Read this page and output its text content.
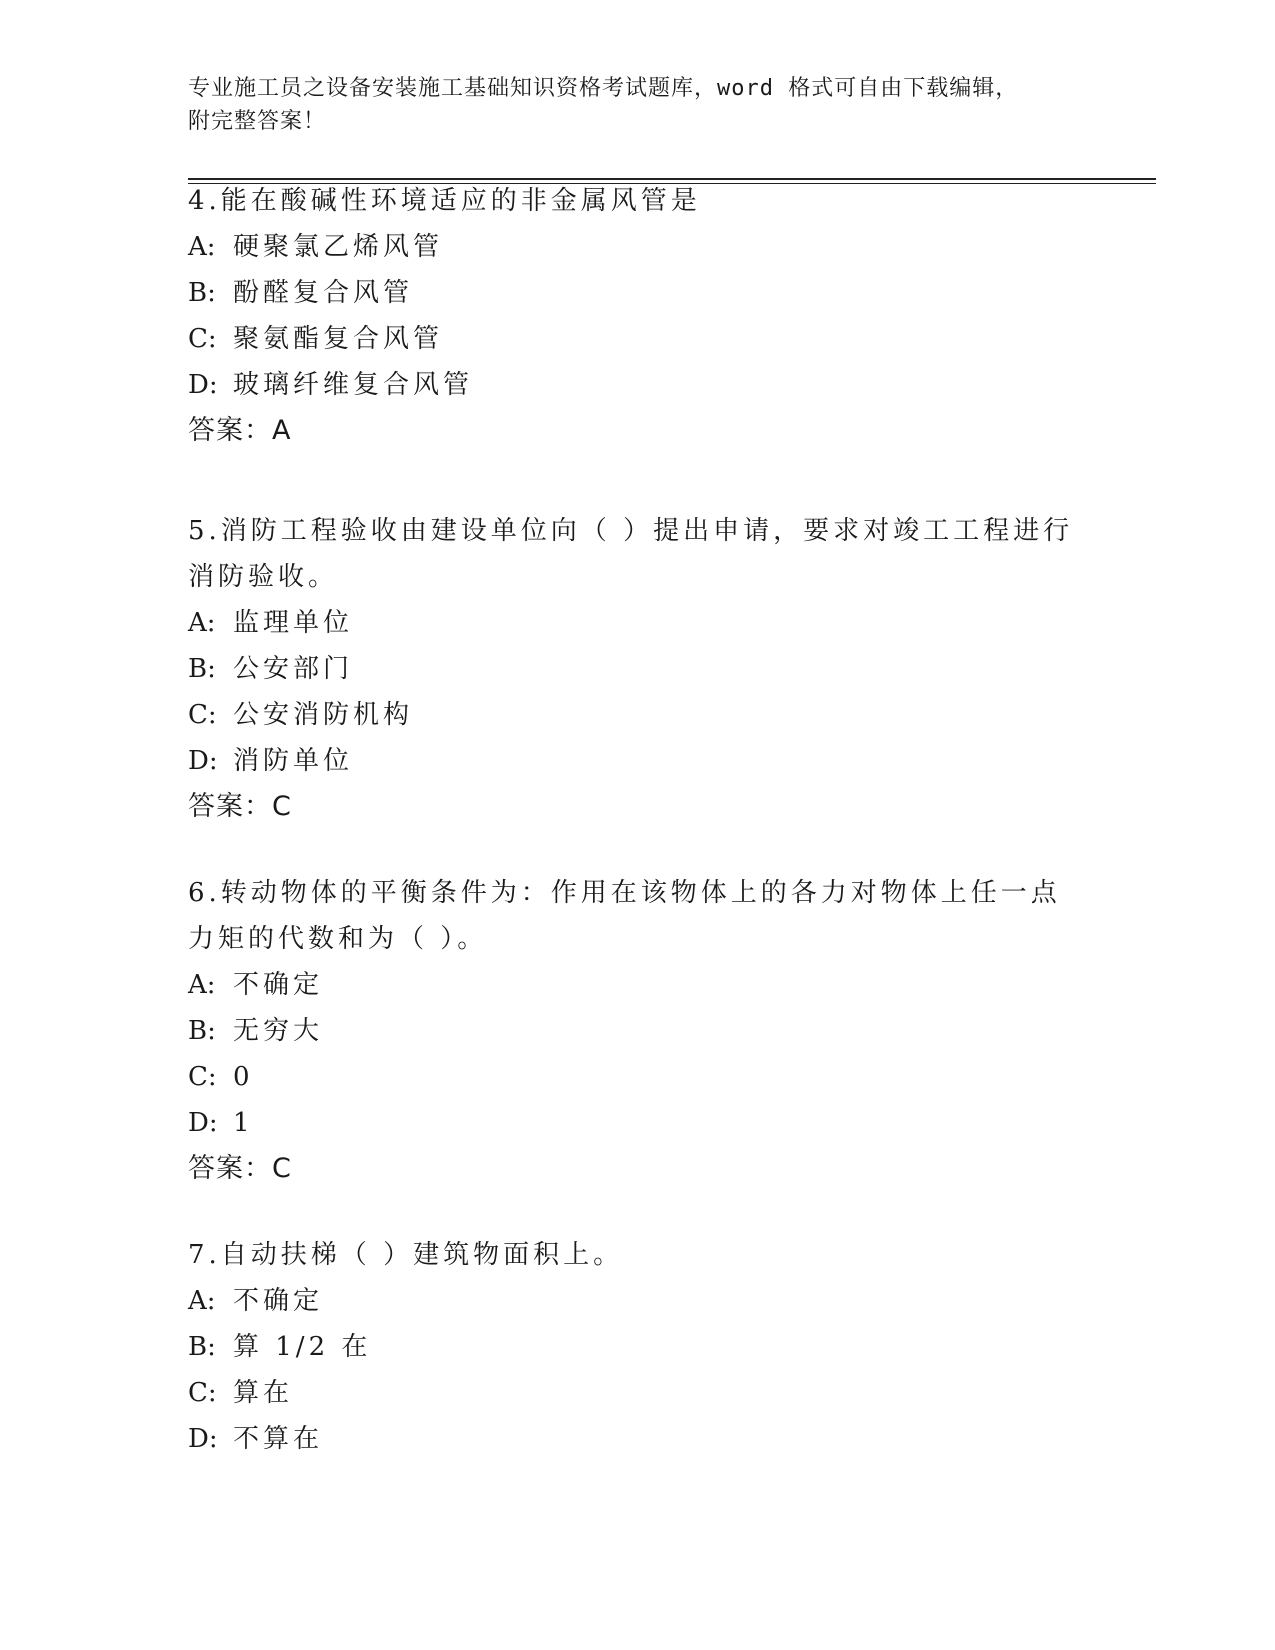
专业施工员之设备安装施工基础知识资格考试题库，word 格式可自由下载编辑，
附完整答案！
4.能在酸碱性环境适应的非金属风管是
A: 硬聚氯乙烯风管
B: 酚醛复合风管
C: 聚氨酯复合风管
D: 玻璃纤维复合风管
答案：A
5.消防工程验收由建设单位向（ ）提出申请，要求对竣工工程进行消防验收。
A: 监理单位
B: 公安部门
C: 公安消防机构
D: 消防单位
答案：C
6.转动物体的平衡条件为：作用在该物体上的各力对物体上任一点力矩的代数和为（ ）。
A: 不确定
B: 无穷大
C: 0
D: 1
答案：C
7.自动扶梯（ ）建筑物面积上。
A: 不确定
B: 算 1/2 在
C: 算在
D: 不算在
